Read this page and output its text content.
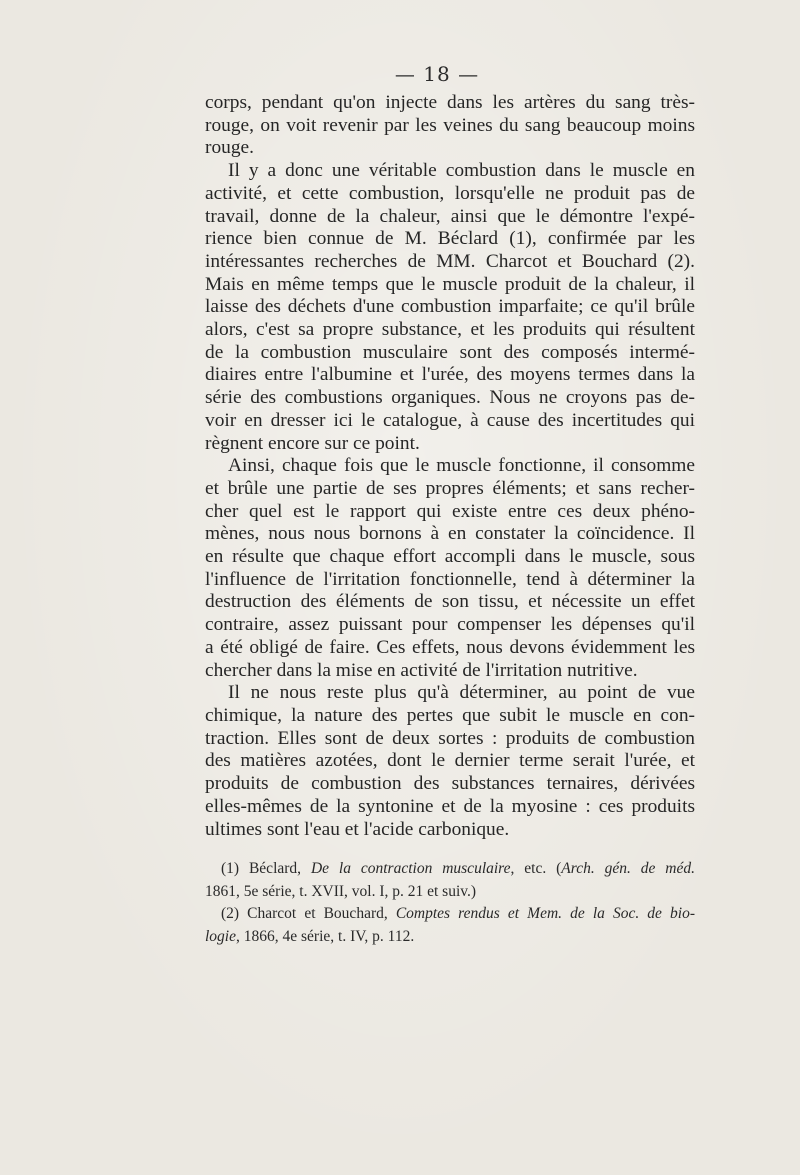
— 18 —
corps, pendant qu'on injecte dans les artères du sang très-
rouge, on voit revenir par les veines du sang beaucoup moins
rouge.
Il y a donc une véritable combustion dans le muscle en
activité, et cette combustion, lorsqu'elle ne produit pas de
travail, donne de la chaleur, ainsi que le démontre l'expé-
rience bien connue de M. Béclard (1), confirmée par les
intéressantes recherches de MM. Charcot et Bouchard (2).
Mais en même temps que le muscle produit de la chaleur, il
laisse des déchets d'une combustion imparfaite; ce qu'il brûle
alors, c'est sa propre substance, et les produits qui résultent
de la combustion musculaire sont des composés intermé-
diaires entre l'albumine et l'urée, des moyens termes dans la
série des combustions organiques. Nous ne croyons pas de-
voir en dresser ici le catalogue, à cause des incertitudes qui
règnent encore sur ce point.
Ainsi, chaque fois que le muscle fonctionne, il consomme
et brûle une partie de ses propres éléments; et sans recher-
cher quel est le rapport qui existe entre ces deux phéno-
mènes, nous nous bornons à en constater la coïncidence. Il
en résulte que chaque effort accompli dans le muscle, sous
l'influence de l'irritation fonctionnelle, tend à déterminer la
destruction des éléments de son tissu, et nécessite un effet
contraire, assez puissant pour compenser les dépenses qu'il
a été obligé de faire. Ces effets, nous devons évidemment les
chercher dans la mise en activité de l'irritation nutritive.
Il ne nous reste plus qu'à déterminer, au point de vue
chimique, la nature des pertes que subit le muscle en con-
traction. Elles sont de deux sortes : produits de combustion
des matières azotées, dont le dernier terme serait l'urée, et
produits de combustion des substances ternaires, dérivées
elles-mêmes de la syntonine et de la myosine : ces produits
ultimes sont l'eau et l'acide carbonique.
(1) Béclard, De la contraction musculaire, etc. (Arch. gén. de méd.
1861, 5e série, t. XVII, vol. I, p. 21 et suiv.)
(2) Charcot et Bouchard, Comptes rendus et Mem. de la Soc. de bio-
logie, 1866, 4e série, t. IV, p. 112.
